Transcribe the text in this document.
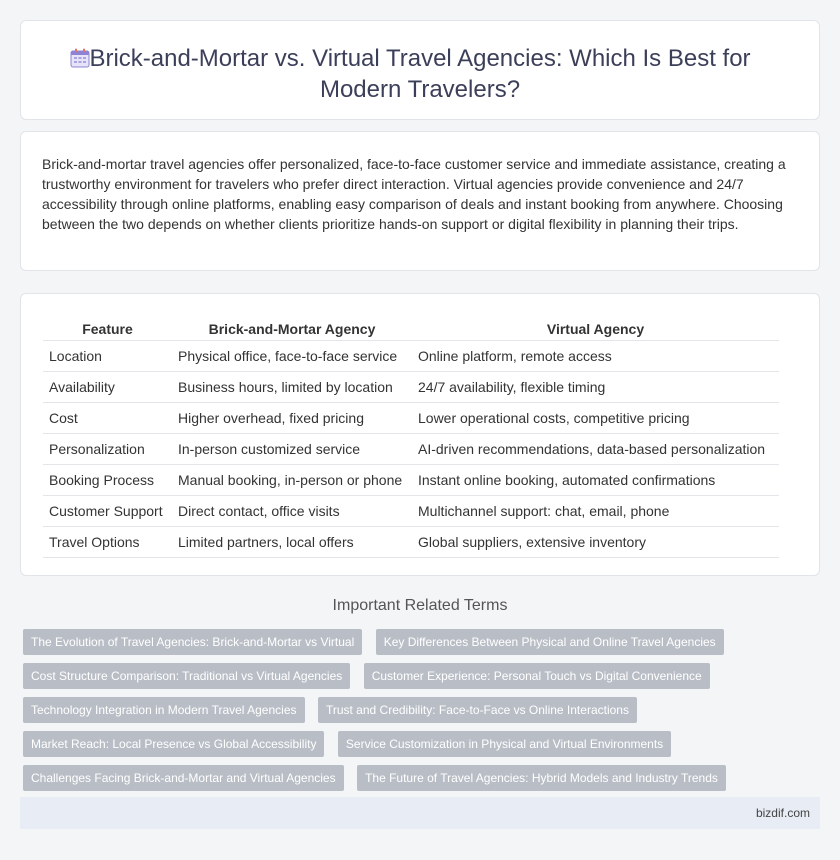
Brick-and-Mortar vs. Virtual Travel Agencies: Which Is Best for Modern Travelers?

Brick-and-mortar travel agencies offer personalized, face-to-face customer service and immediate assistance, creating a trustworthy environment for travelers who prefer direct interaction. Virtual agencies provide convenience and 24/7 accessibility through online platforms, enabling easy comparison of deals and instant booking from anywhere. Choosing between the two depends on whether clients prioritize hands-on support or digital flexibility in planning their trips.

Feature	Brick-and-Mortar Agency	Virtual Agency
Location	Physical office, face-to-face service	Online platform, remote access
Availability	Business hours, limited by location	24/7 availability, flexible timing
Cost	Higher overhead, fixed pricing	Lower operational costs, competitive pricing
Personalization	In-person customized service	AI-driven recommendations, data-based personalization
Booking Process	Manual booking, in-person or phone	Instant online booking, automated confirmations
Customer Support	Direct contact, office visits	Multichannel support: chat, email, phone
Travel Options	Limited partners, local offers	Global suppliers, extensive inventory
Important Related Terms
The Evolution of Travel Agencies: Brick-and-Mortar vs Virtual Key Differences Between Physical and Online Travel Agencies Cost Structure Comparison: Traditional vs Virtual Agencies Customer Experience: Personal Touch vs Digital Convenience Technology Integration in Modern Travel Agencies Trust and Credibility: Face-to-Face vs Online Interactions Market Reach: Local Presence vs Global Accessibility Service Customization in Physical and Virtual Environments Challenges Facing Brick-and-Mortar and Virtual Agencies The Future of Travel Agencies: Hybrid Models and Industry Trends
bizdif.com
